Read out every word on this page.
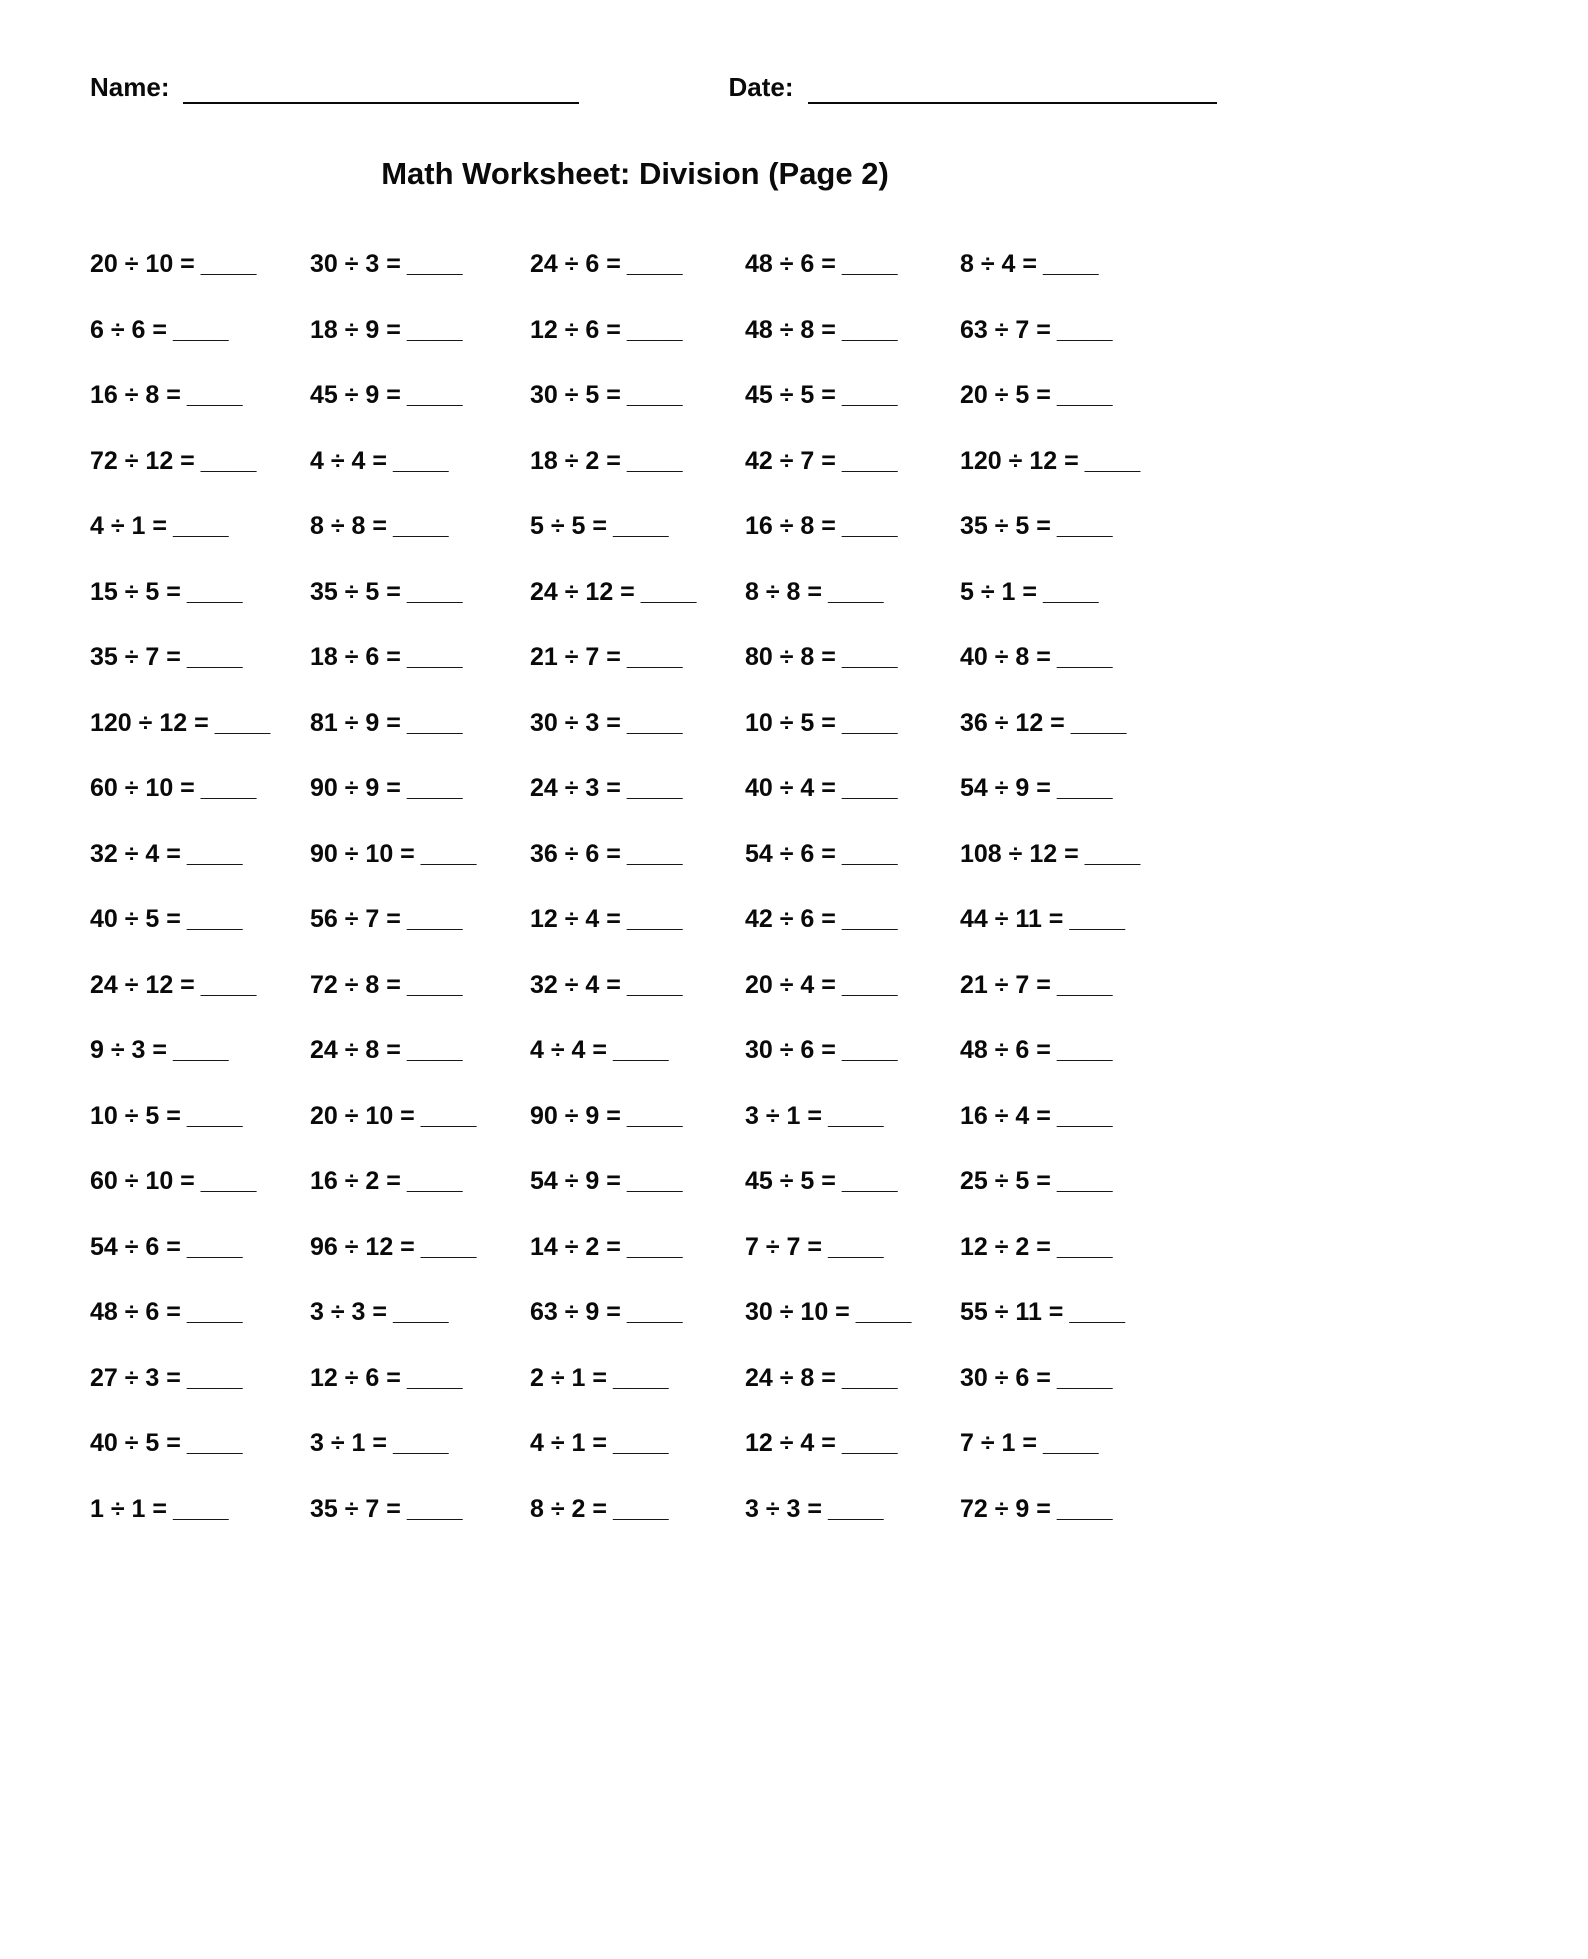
Name:	Date:
Math Worksheet: Division (Page 2)
20 ÷ 10 = ____	30 ÷ 3 = ____	24 ÷ 6 = ____	48 ÷ 6 = ____	8 ÷ 4 = ____
6 ÷ 6 = ____	18 ÷ 9 = ____	12 ÷ 6 = ____	48 ÷ 8 = ____	63 ÷ 7 = ____
16 ÷ 8 = ____	45 ÷ 9 = ____	30 ÷ 5 = ____	45 ÷ 5 = ____	20 ÷ 5 = ____
72 ÷ 12 = ____	4 ÷ 4 = ____	18 ÷ 2 = ____	42 ÷ 7 = ____	120 ÷ 12 = ____
4 ÷ 1 = ____	8 ÷ 8 = ____	5 ÷ 5 = ____	16 ÷ 8 = ____	35 ÷ 5 = ____
15 ÷ 5 = ____	35 ÷ 5 = ____	24 ÷ 12 = ____	8 ÷ 8 = ____	5 ÷ 1 = ____
35 ÷ 7 = ____	18 ÷ 6 = ____	21 ÷ 7 = ____	80 ÷ 8 = ____	40 ÷ 8 = ____
120 ÷ 12 = ____	81 ÷ 9 = ____	30 ÷ 3 = ____	10 ÷ 5 = ____	36 ÷ 12 = ____
60 ÷ 10 = ____	90 ÷ 9 = ____	24 ÷ 3 = ____	40 ÷ 4 = ____	54 ÷ 9 = ____
32 ÷ 4 = ____	90 ÷ 10 = ____	36 ÷ 6 = ____	54 ÷ 6 = ____	108 ÷ 12 = ____
40 ÷ 5 = ____	56 ÷ 7 = ____	12 ÷ 4 = ____	42 ÷ 6 = ____	44 ÷ 11 = ____
24 ÷ 12 = ____	72 ÷ 8 = ____	32 ÷ 4 = ____	20 ÷ 4 = ____	21 ÷ 7 = ____
9 ÷ 3 = ____	24 ÷ 8 = ____	4 ÷ 4 = ____	30 ÷ 6 = ____	48 ÷ 6 = ____
10 ÷ 5 = ____	20 ÷ 10 = ____	90 ÷ 9 = ____	3 ÷ 1 = ____	16 ÷ 4 = ____
60 ÷ 10 = ____	16 ÷ 2 = ____	54 ÷ 9 = ____	45 ÷ 5 = ____	25 ÷ 5 = ____
54 ÷ 6 = ____	96 ÷ 12 = ____	14 ÷ 2 = ____	7 ÷ 7 = ____	12 ÷ 2 = ____
48 ÷ 6 = ____	3 ÷ 3 = ____	63 ÷ 9 = ____	30 ÷ 10 = ____	55 ÷ 11 = ____
27 ÷ 3 = ____	12 ÷ 6 = ____	2 ÷ 1 = ____	24 ÷ 8 = ____	30 ÷ 6 = ____
40 ÷ 5 = ____	3 ÷ 1 = ____	4 ÷ 1 = ____	12 ÷ 4 = ____	7 ÷ 1 = ____
1 ÷ 1 = ____	35 ÷ 7 = ____	8 ÷ 2 = ____	3 ÷ 3 = ____	72 ÷ 9 = ____
